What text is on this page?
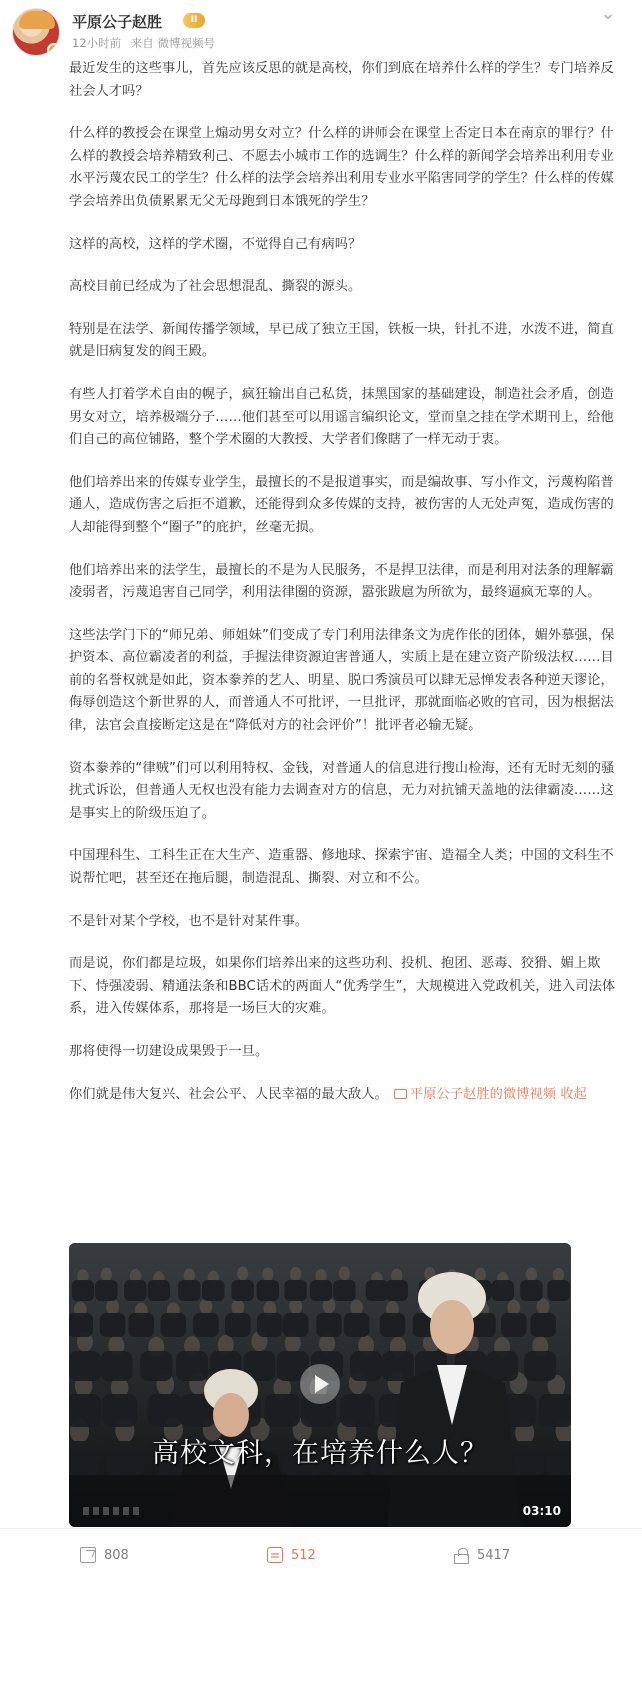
平原公子赵胜	II
12小时前 来自 微博视频号
⌄

最近发生的这些事儿，首先应该反思的就是高校，你们到底在培养什么样的学生？专门培养反社会人才吗？

什么样的教授会在课堂上煽动男女对立？什么样的讲师会在课堂上否定日本在南京的罪行？什么样的教授会培养精致利己、不愿去小城市工作的选调生？什么样的新闻学会培养出利用专业水平污蔑农民工的学生？什么样的法学会培养出利用专业水平陷害同学的学生？什么样的传媒学会培养出负债累累无父无母跑到日本饿死的学生？

这样的高校，这样的学术圈，不觉得自己有病吗？

高校目前已经成为了社会思想混乱、撕裂的源头。

特别是在法学、新闻传播学领域，早已成了独立王国，铁板一块，针扎不进，水泼不进，简直就是旧病复发的阎王殿。

有些人打着学术自由的幌子，疯狂输出自己私货，抹黑国家的基础建设，制造社会矛盾，创造男女对立，培养极端分子……他们甚至可以用谣言编织论文，堂而皇之挂在学术期刊上，给他们自己的高位铺路，整个学术圈的大教授、大学者们像瞎了一样无动于衷。

他们培养出来的传媒专业学生，最擅长的不是报道事实，而是编故事、写小作文，污蔑构陷普通人，造成伤害之后拒不道歉，还能得到众多传媒的支持，被伤害的人无处声冤，造成伤害的人却能得到整个“圈子”的庇护，丝毫无损。

他们培养出来的法学生，最擅长的不是为人民服务，不是捍卫法律，而是利用对法条的理解霸凌弱者，污蔑追害自己同学，利用法律圈的资源，嚣张跋扈为所欲为，最终逼疯无辜的人。

这些法学门下的“师兄弟、师姐妹”们变成了专门利用法律条文为虎作伥的团体，媚外慕强，保护资本、高位霸凌者的利益，手握法律资源迫害普通人，实质上是在建立资产阶级法权……目前的名誉权就是如此，资本豢养的艺人、明星、脱口秀演员可以肆无忌惮发表各种逆天谬论，侮辱创造这个新世界的人，而普通人不可批评，一旦批评，那就面临必败的官司，因为根据法律，法官会直接断定这是在“降低对方的社会评价”！批评者必输无疑。

资本豢养的“律贼”们可以利用特权、金钱，对普通人的信息进行搜山检海，还有无时无刻的骚扰式诉讼，但普通人无权也没有能力去调查对方的信息，无力对抗铺天盖地的法律霸凌……这是事实上的阶级压迫了。

中国理科生、工科生正在大生产、造重器、修地球、探索宇宙、造福全人类；中国的文科生不说帮忙吧，甚至还在拖后腿，制造混乱、撕裂、对立和不公。

不是针对某个学校，也不是针对某件事。

而是说，你们都是垃圾，如果你们培养出来的这些功利、投机、抱团、恶毒、狡猾、媚上欺下、恃强凌弱、精通法条和BBC话术的两面人“优秀学生”，大规模进入党政机关，进入司法体系，进入传媒体系，那将是一场巨大的灾难。

那将使得一切建设成果毁于一旦。

你们就是伟大复兴、社会公平、人民幸福的最大敌人。 平原公子赵胜的微博视频 收起

高校文科，在培养什么人？
03:10
808	512	5417
